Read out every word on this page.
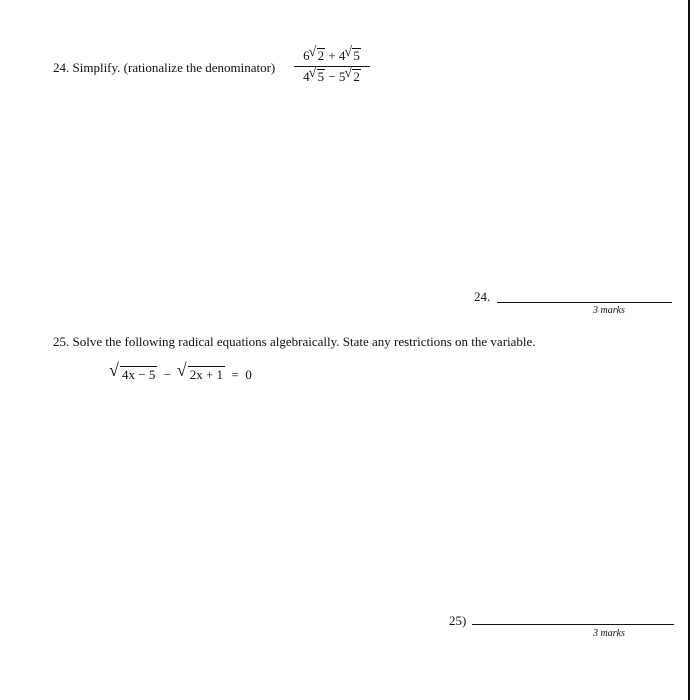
24. Simplify. (rationalize the denominator)
6 √ 2 + 4 √ 5
4 √ 5 − 5 √ 2
24.
3 marks
25. Solve the following radical equations algebraically. State any restrictions on the variable.
√ 4x − 5 − √ 2x + 1 = 0
25)
3 marks
